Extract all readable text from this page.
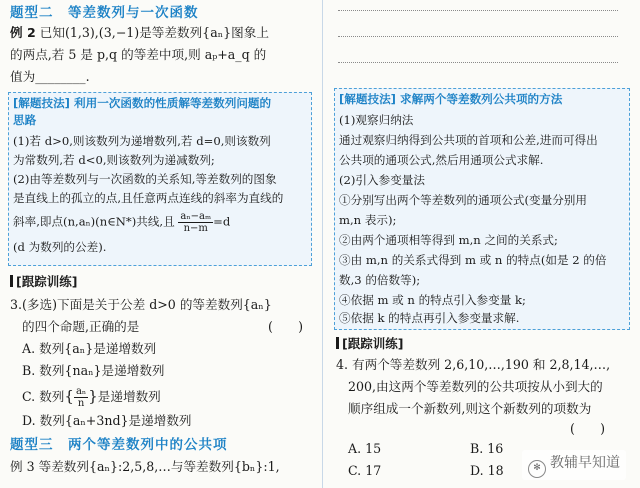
题型二　等差数列与一次函数
例 2 已知(1,3),(3,−1)是等差数列{aₙ}图象上
的两点,若 5 是 p,q 的等差中项,则 aₚ+a_q 的
值为________.
[解题技法] 利用一次函数的性质解等差数列问题的
思路
(1)若 d>0,则该数列为递增数列,若 d=0,则该数列
为常数列,若 d<0,则该数列为递减数列;
(2)由等差数列与一次函数的关系知,等差数列的图象
是直线上的孤立的点,且任意两点连线的斜率为直线的
斜率,即点(n,aₙ)(n∈N*)共线,且 $\frac{\text{aₙ−aₘ}}{n-m} =d$
(d 为数列的公差).
[跟踪训练]
3.(多选)下面是关于公差 d>0 的等差数列{aₙ}
的四个命题,正确的是	(　　)
A. 数列{aₙ}是递增数列
B. 数列{naₙ}是递增数列
C. 数列{ $\frac{\text{aₙ}}{n}$ }是递增数列
D. 数列{aₙ+3nd}是递增数列
题型三　两个等差数列中的公共项
例 3 等差数列{aₙ}:2,5,8,…与等差数列{bₙ}:1,
[解题技法] 求解两个等差数列公共项的方法
(1)观察归纳法
通过观察归纳得到公共项的首项和公差,进而可得出
公共项的通项公式,然后用通项公式求解.
(2)引入参变量法
①分别写出两个等差数列的通项公式(变量分别用
m,n 表示);
②由两个通项相等得到 m,n 之间的关系式;
③由 m,n 的关系式得到 m 或 n 的特点(如是 2 的倍
数,3 的倍数等);
④依据 m 或 n 的特点引入参变量 k;
⑤依据 k 的特点再引入参变量求解.
[跟踪训练]
4. 有两个等差数列 2,6,10,…,190 和 2,8,14,…,
200,由这两个等差数列的公共项按从小到大的
顺序组成一个新数列,则这个新数列的项数为
(　　)
A. 15	B. 16
C. 17	D. 18	✻ 教辅早知道
